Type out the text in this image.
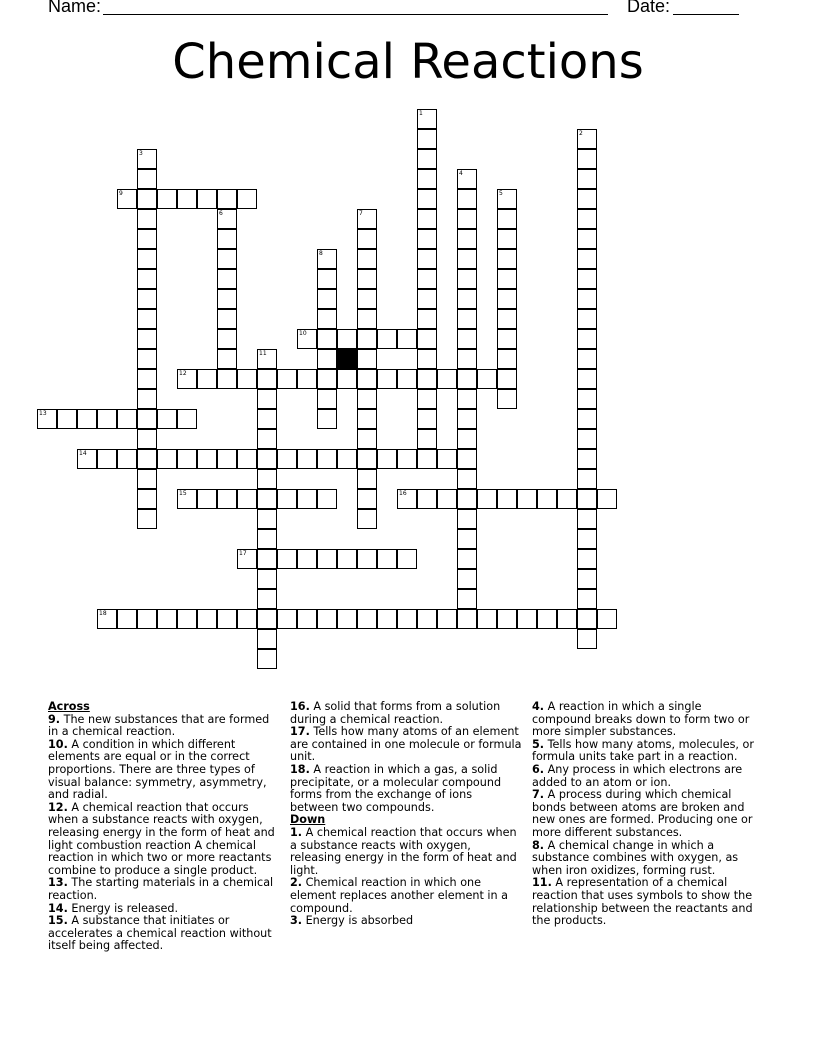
Name:	Date:
Chemical Reactions
9
10
12
13
14
15	16
17
18
1
2
3
4
5
6	7
8
11
Across
9. The new substances that are formed in a chemical reaction.
10. A condition in which different elements are equal or in the correct proportions. There are three types of visual balance: symmetry, asymmetry, and radial.
12. A chemical reaction that occurs when a substance reacts with oxygen, releasing energy in the form of heat and light combustion reaction A chemical reaction in which two or more reactants combine to produce a single product.
13. The starting materials in a chemical reaction.
14. Energy is released.
15. A substance that initiates or accelerates a chemical reaction without itself being affected.
16. A solid that forms from a solution during a chemical reaction.
17. Tells how many atoms of an element are contained in one molecule or formula unit.
18. A reaction in which a gas, a solid precipitate, or a molecular compound forms from the exchange of ions between two compounds.
Down
1. A chemical reaction that occurs when a substance reacts with oxygen, releasing energy in the form of heat and light.
2. Chemical reaction in which one element replaces another element in a compound.
3. Energy is absorbed
4. A reaction in which a single compound breaks down to form two or more simpler substances.
5. Tells how many atoms, molecules, or formula units take part in a reaction.
6. Any process in which electrons are added to an atom or ion.
7. A process during which chemical bonds between atoms are broken and new ones are formed. Producing one or more different substances.
8. A chemical change in which a substance combines with oxygen, as when iron oxidizes, forming rust.
11. A representation of a chemical reaction that uses symbols to show the relationship between the reactants and the products.
